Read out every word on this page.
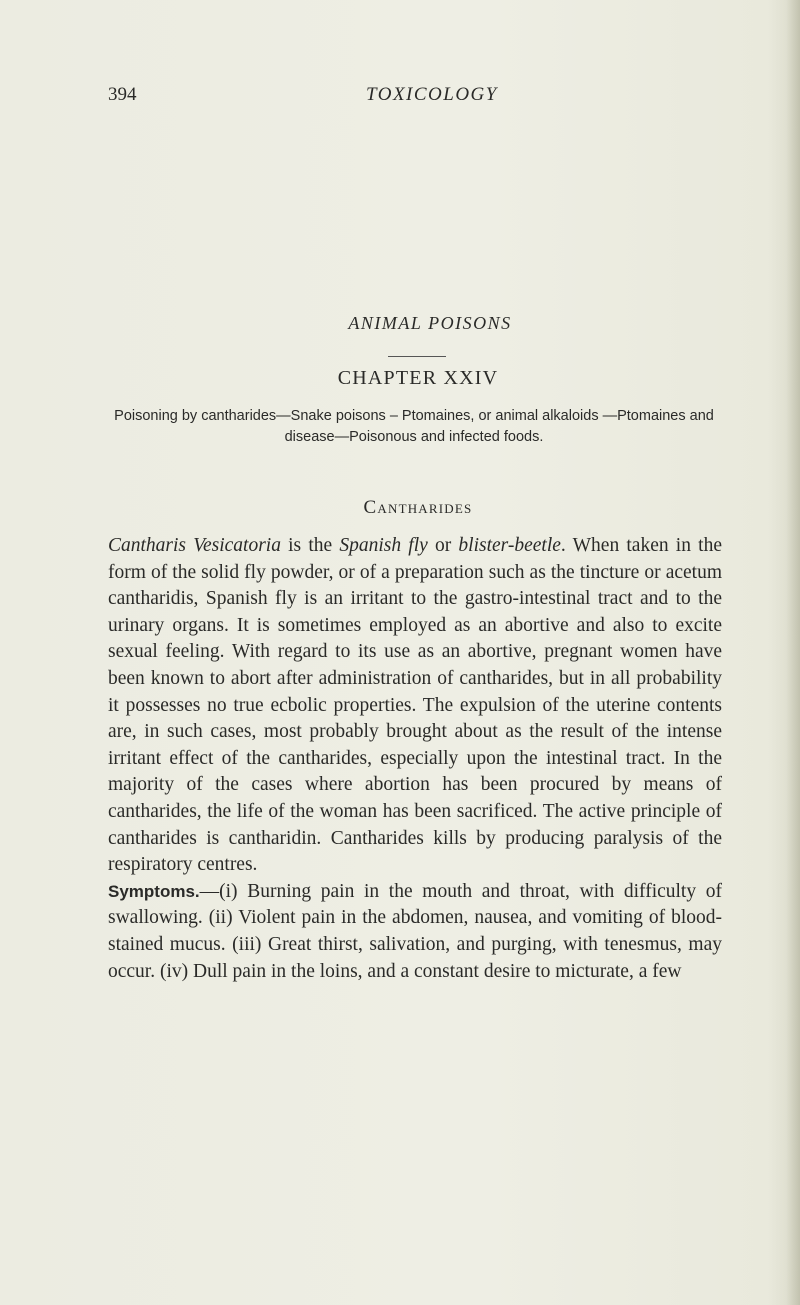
394	TOXICOLOGY
ANIMAL POISONS
CHAPTER XXIV
Poisoning by cantharides—Snake poisons – Ptomaines, or animal alkaloids —Ptomaines and disease—Poisonous and infected foods.
Cantharides

Cantharis Vesicatoria is the Spanish fly or blister-beetle. When taken in the form of the solid fly powder, or of a preparation such as the tincture or acetum cantharidis, Spanish fly is an irritant to the gastro-intestinal tract and to the urinary organs. It is sometimes employed as an abortive and also to excite sexual feeling. With regard to its use as an abortive, pregnant women have been known to abort after administration of cantharides, but in all probability it possesses no true ecbolic properties. The expulsion of the uterine contents are, in such cases, most probably brought about as the result of the intense irritant effect of the cantharides, especially upon the intestinal tract. In the majority of the cases where abortion has been procured by means of cantharides, the life of the woman has been sacrificed. The active principle of cantharides is cantharidin. Cantharides kills by producing paralysis of the respiratory centres.

Symptoms.—(i) Burning pain in the mouth and throat, with difficulty of swallowing. (ii) Violent pain in the abdomen, nausea, and vomiting of blood-stained mucus. (iii) Great thirst, salivation, and purging, with tenesmus, may occur. (iv) Dull pain in the loins, and a constant desire to micturate, a few
